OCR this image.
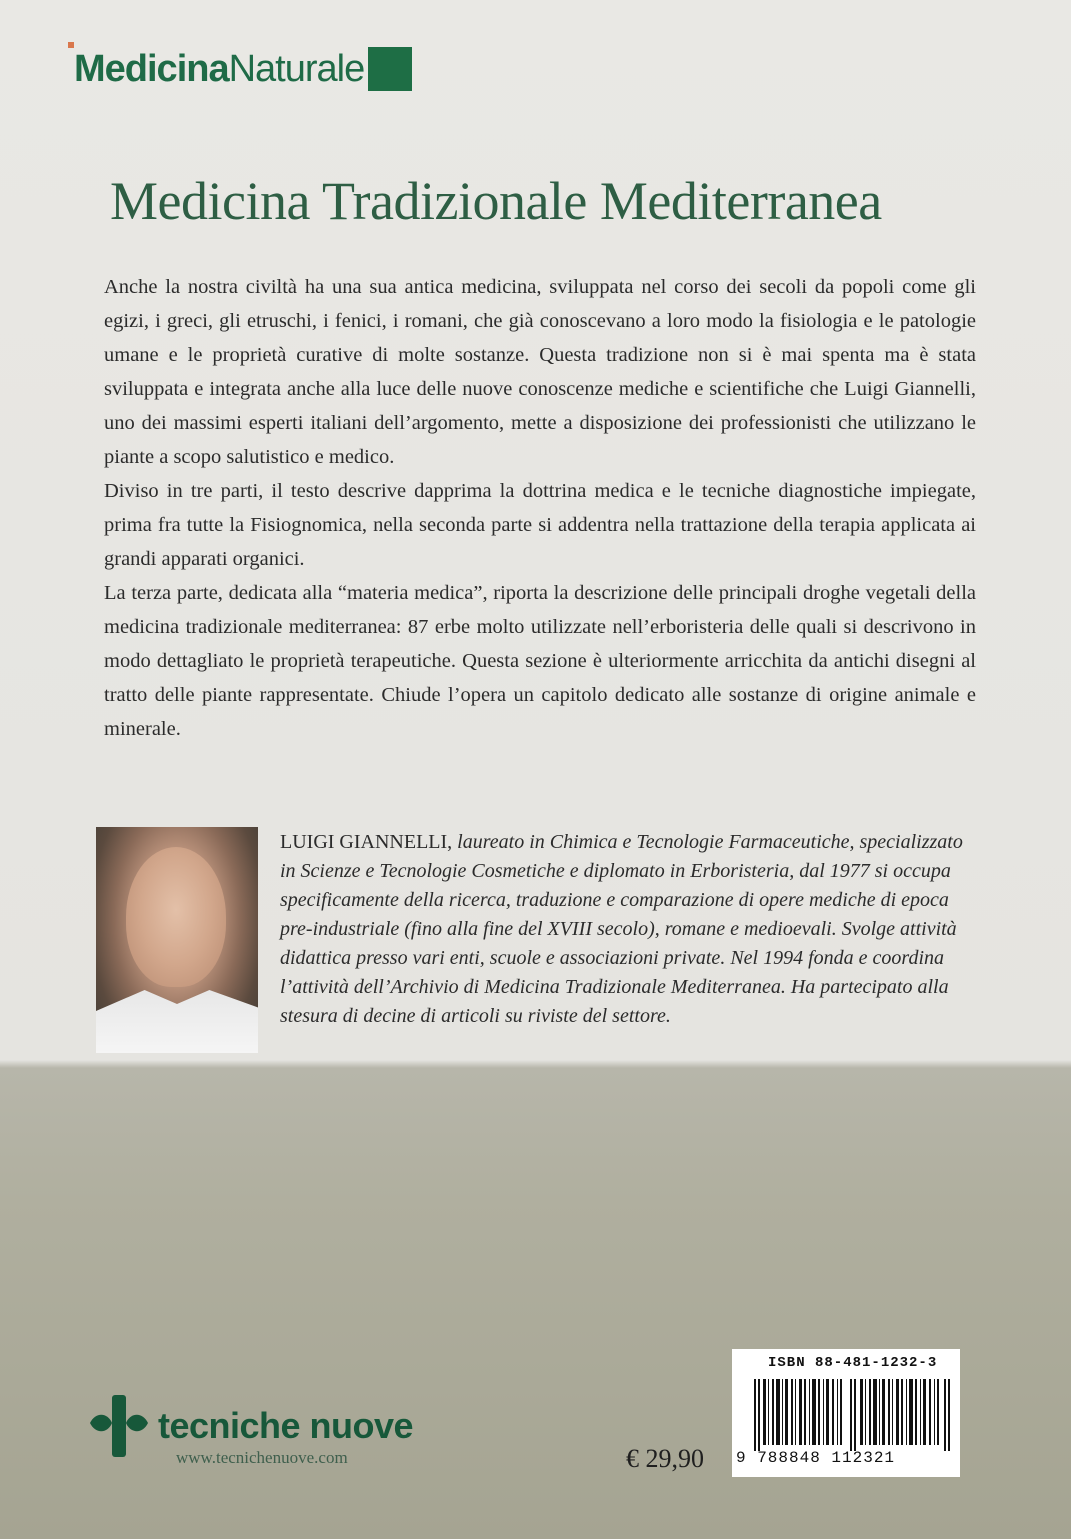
Medicina Naturale
Medicina Tradizionale Mediterranea

Anche la nostra civiltà ha una sua antica medicina, sviluppata nel corso dei secoli da popoli come gli egizi, i greci, gli etruschi, i fenici, i romani, che già conoscevano a loro modo la fisiologia e le patologie umane e le proprietà curative di molte sostanze. Questa tradizione non si è mai spenta ma è stata sviluppata e integrata anche alla luce delle nuove conoscenze mediche e scientifiche che Luigi Giannelli, uno dei massimi esperti italiani dell’argomento, mette a disposizione dei professionisti che utilizzano le piante a scopo salutistico e medico.

Diviso in tre parti, il testo descrive dapprima la dottrina medica e le tecniche diagnostiche impiegate, prima fra tutte la Fisiognomica, nella seconda parte si addentra nella trattazione della terapia applicata ai grandi apparati organici.

La terza parte, dedicata alla “materia medica”, riporta la descrizione delle principali droghe vegetali della medicina tradizionale mediterranea: 87 erbe molto utilizzate nell’erboristeria delle quali si descrivono in modo dettagliato le proprietà terapeutiche. Questa sezione è ulteriormente arricchita da antichi disegni al tratto delle piante rappresentate. Chiude l’opera un capitolo dedicato alle sostanze di origine animale e minerale.

LUIGI GIANNELLI, laureato in Chimica e Tecnologie Farmaceutiche, specializzato in Scienze e Tecnologie Cosmetiche e diplomato in Erboristeria, dal 1977 si occupa specificamente della ricerca, traduzione e comparazione di opere mediche di epoca pre-industriale (fino alla fine del XVIII secolo), romane e medioevali. Svolge attività didattica presso vari enti, scuole e associazioni private. Nel 1994 fonda e coordina l’attività dell’Archivio di Medicina Tradizionale Mediterranea. Ha partecipato alla stesura di decine di articoli su riviste del settore.
tecniche nuove
www.tecnichenuove.com	€ 29,90
ISBN 88-481-1232-3
9 788848 112321
